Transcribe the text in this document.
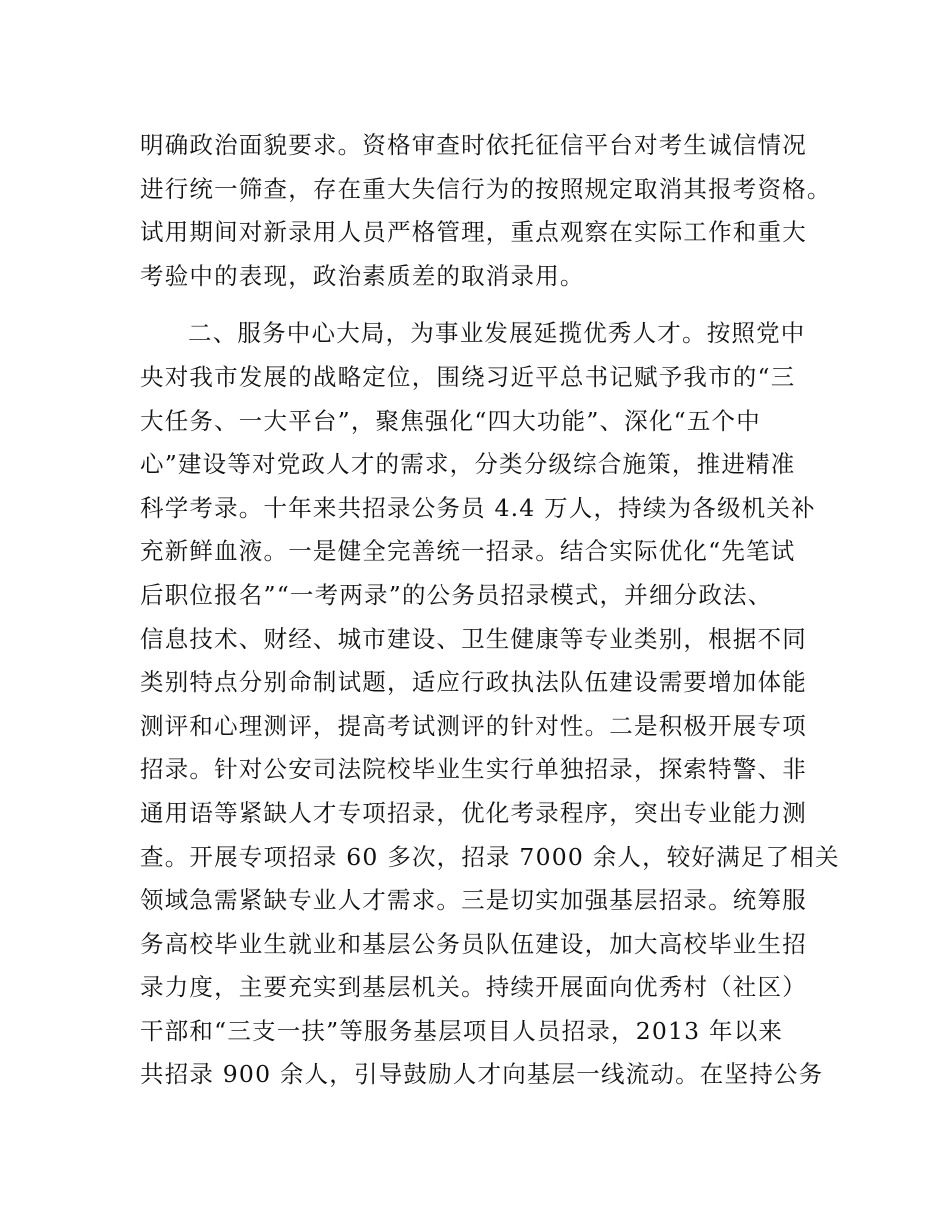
明确政治面貌要求。资格审查时依托征信平台对考生诚信情况
进行统一筛查，存在重大失信行为的按照规定取消其报考资格。
试用期间对新录用人员严格管理，重点观察在实际工作和重大
考验中的表现，政治素质差的取消录用。
二、服务中心大局，为事业发展延揽优秀人才。按照党中
央对我市发展的战略定位，围绕习近平总书记赋予我市的“三
大任务、一大平台”，聚焦强化“四大功能”、深化“五个中
心”建设等对党政人才的需求，分类分级综合施策，推进精准
科学考录。十年来共招录公务员 4.4 万人，持续为各级机关补
充新鲜血液。一是健全完善统一招录。结合实际优化“先笔试
后职位报名”“一考两录”的公务员招录模式，并细分政法、
信息技术、财经、城市建设、卫生健康等专业类别，根据不同
类别特点分别命制试题，适应行政执法队伍建设需要增加体能
测评和心理测评，提高考试测评的针对性。二是积极开展专项
招录。针对公安司法院校毕业生实行单独招录，探索特警、非
通用语等紧缺人才专项招录，优化考录程序，突出专业能力测
查。开展专项招录 60 多次，招录 7000 余人，较好满足了相关
领域急需紧缺专业人才需求。三是切实加强基层招录。统筹服
务高校毕业生就业和基层公务员队伍建设，加大高校毕业生招
录力度，主要充实到基层机关。持续开展面向优秀村（社区）
干部和“三支一扶”等服务基层项目人员招录，2013 年以来
共招录 900 余人，引导鼓励人才向基层一线流动。在坚持公务
